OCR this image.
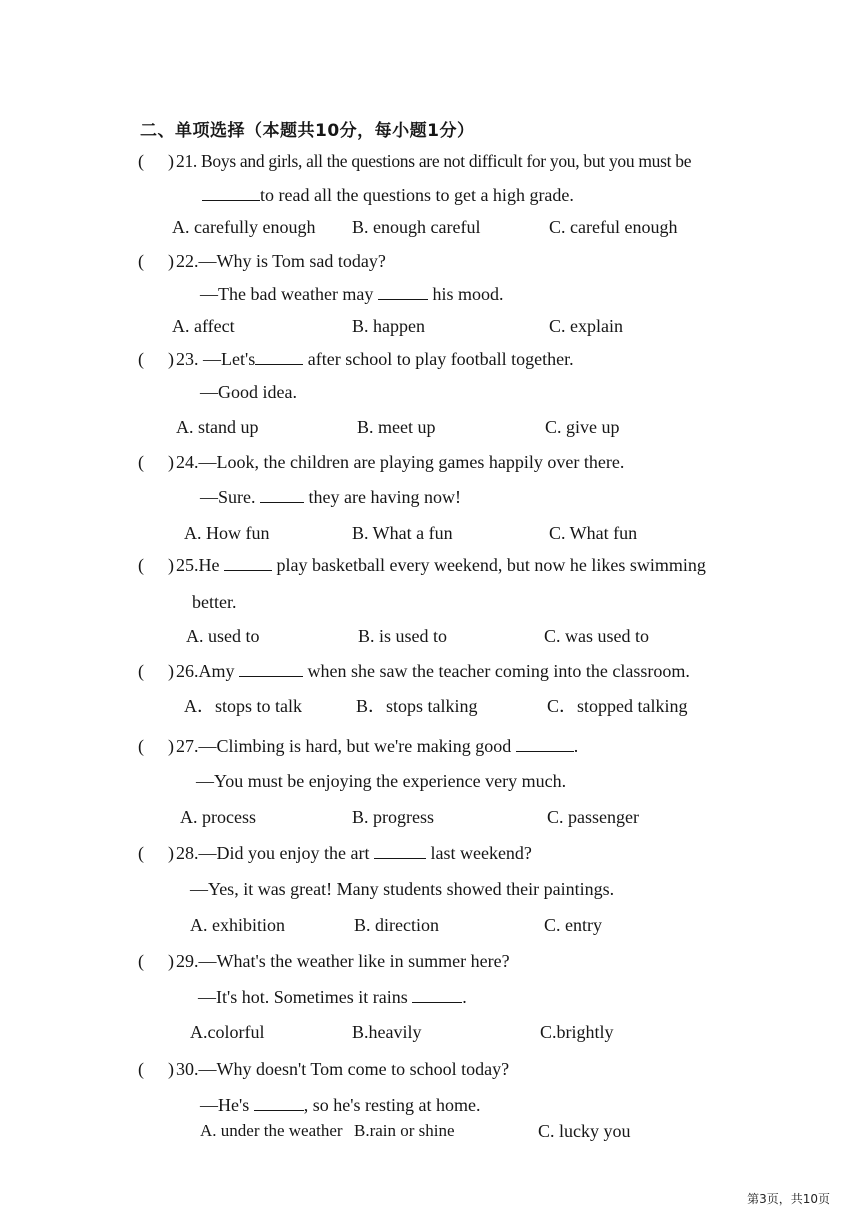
二、单项选择（本题共10分，每小题1分）
( ) 21. Boys and girls, all the questions are not difficult for you, but you must be
to read all the questions to get a high grade.
A. carefully enough B. enough careful	C. careful enough
( ) 22.—Why is Tom sad today?
—The bad weather may	his mood.
A. affect	B. happen	C. explain
( ) 23. —Let's	after school to play football together.
—Good idea.
A. stand up	B. meet up	C. give up
( ) 24.—Look, the children are playing games happily over there.
—Sure.	they are having now!
A. How fun	B. What a fun	C. What fun
( ) 25.He	play basketball every weekend, but now he likes swimming
better.
A. used to	B. is used to	C. was used to
( ) 26.Amy	when she saw the teacher coming into the classroom.
A．stops to talk	B．stops talking	C．stopped talking
( ) 27.—Climbing is hard, but we're making good	.
—You must be enjoying the experience very much.
A. process	B. progress	C. passenger
( ) 28.—Did you enjoy the art	last weekend?
—Yes, it was great! Many students showed their paintings.
A. exhibition	B. direction	C. entry
( ) 29.—What's the weather like in summer here?
—It's hot. Sometimes it rains	.
A.colorful	B.heavily	C.brightly
( ) 30.—Why doesn't Tom come to school today?
—He's	, so he's resting at home.
A. under the weather B.rain or shine	C. lucky you
第3页，共10页
